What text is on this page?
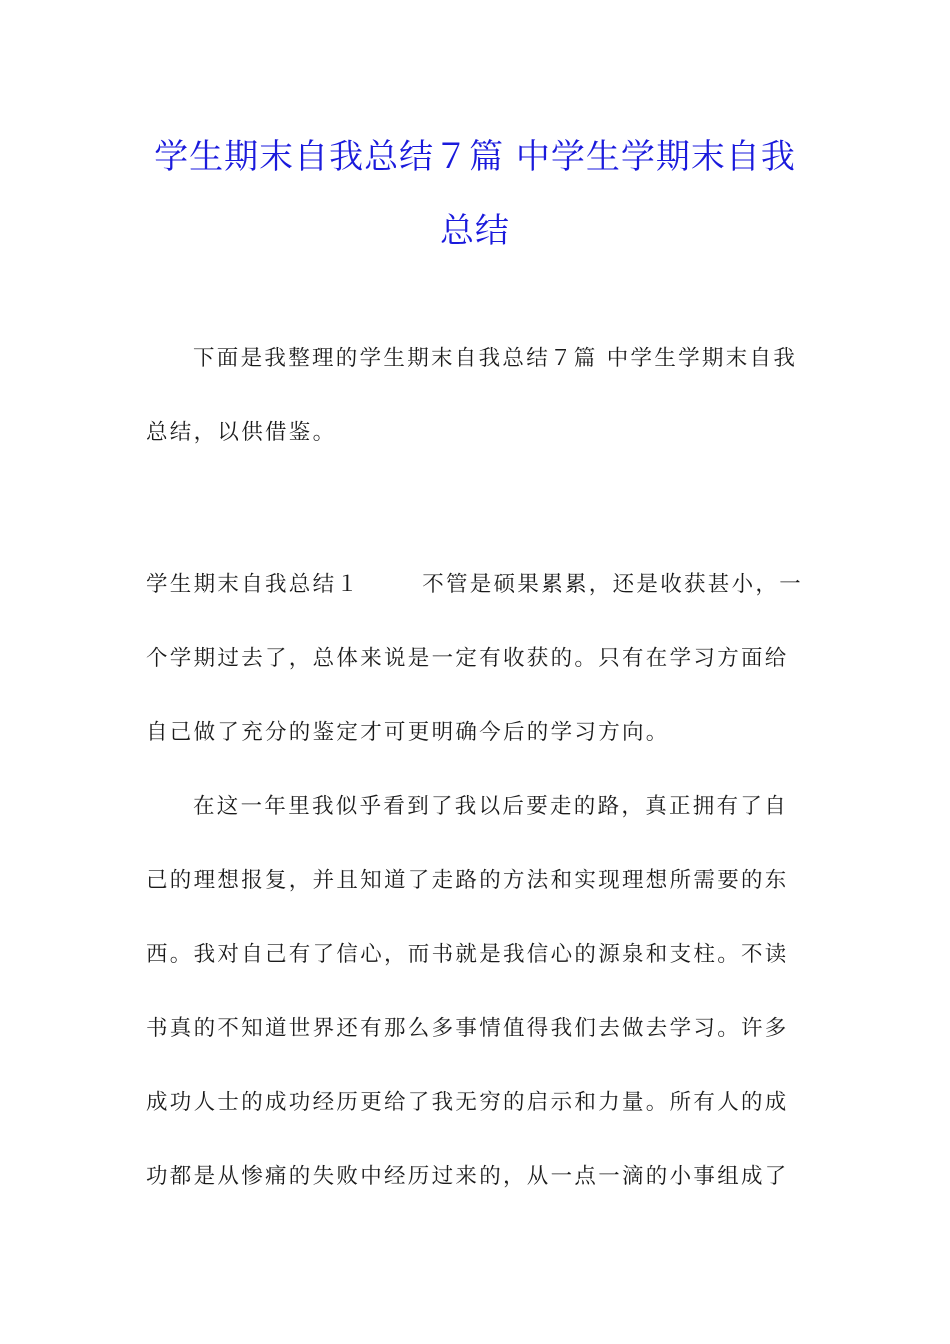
学生期末自我总结７篇 中学生学期末自我
总结
下面是我整理的学生期末自我总结７篇 中学生学期末自我
总结，以供借鉴。
学生期末自我总结１	不管是硕果累累，还是收获甚小，一
个学期过去了，总体来说是一定有收获的。只有在学习方面给
自己做了充分的鉴定才可更明确今后的学习方向。
在这一年里我似乎看到了我以后要走的路，真正拥有了自
己的理想报复，并且知道了走路的方法和实现理想所需要的东
西。我对自己有了信心，而书就是我信心的源泉和支柱。不读
书真的不知道世界还有那么多事情值得我们去做去学习。许多
成功人士的成功经历更给了我无穷的启示和力量。所有人的成
功都是从惨痛的失败中经历过来的，从一点一滴的小事组成了
